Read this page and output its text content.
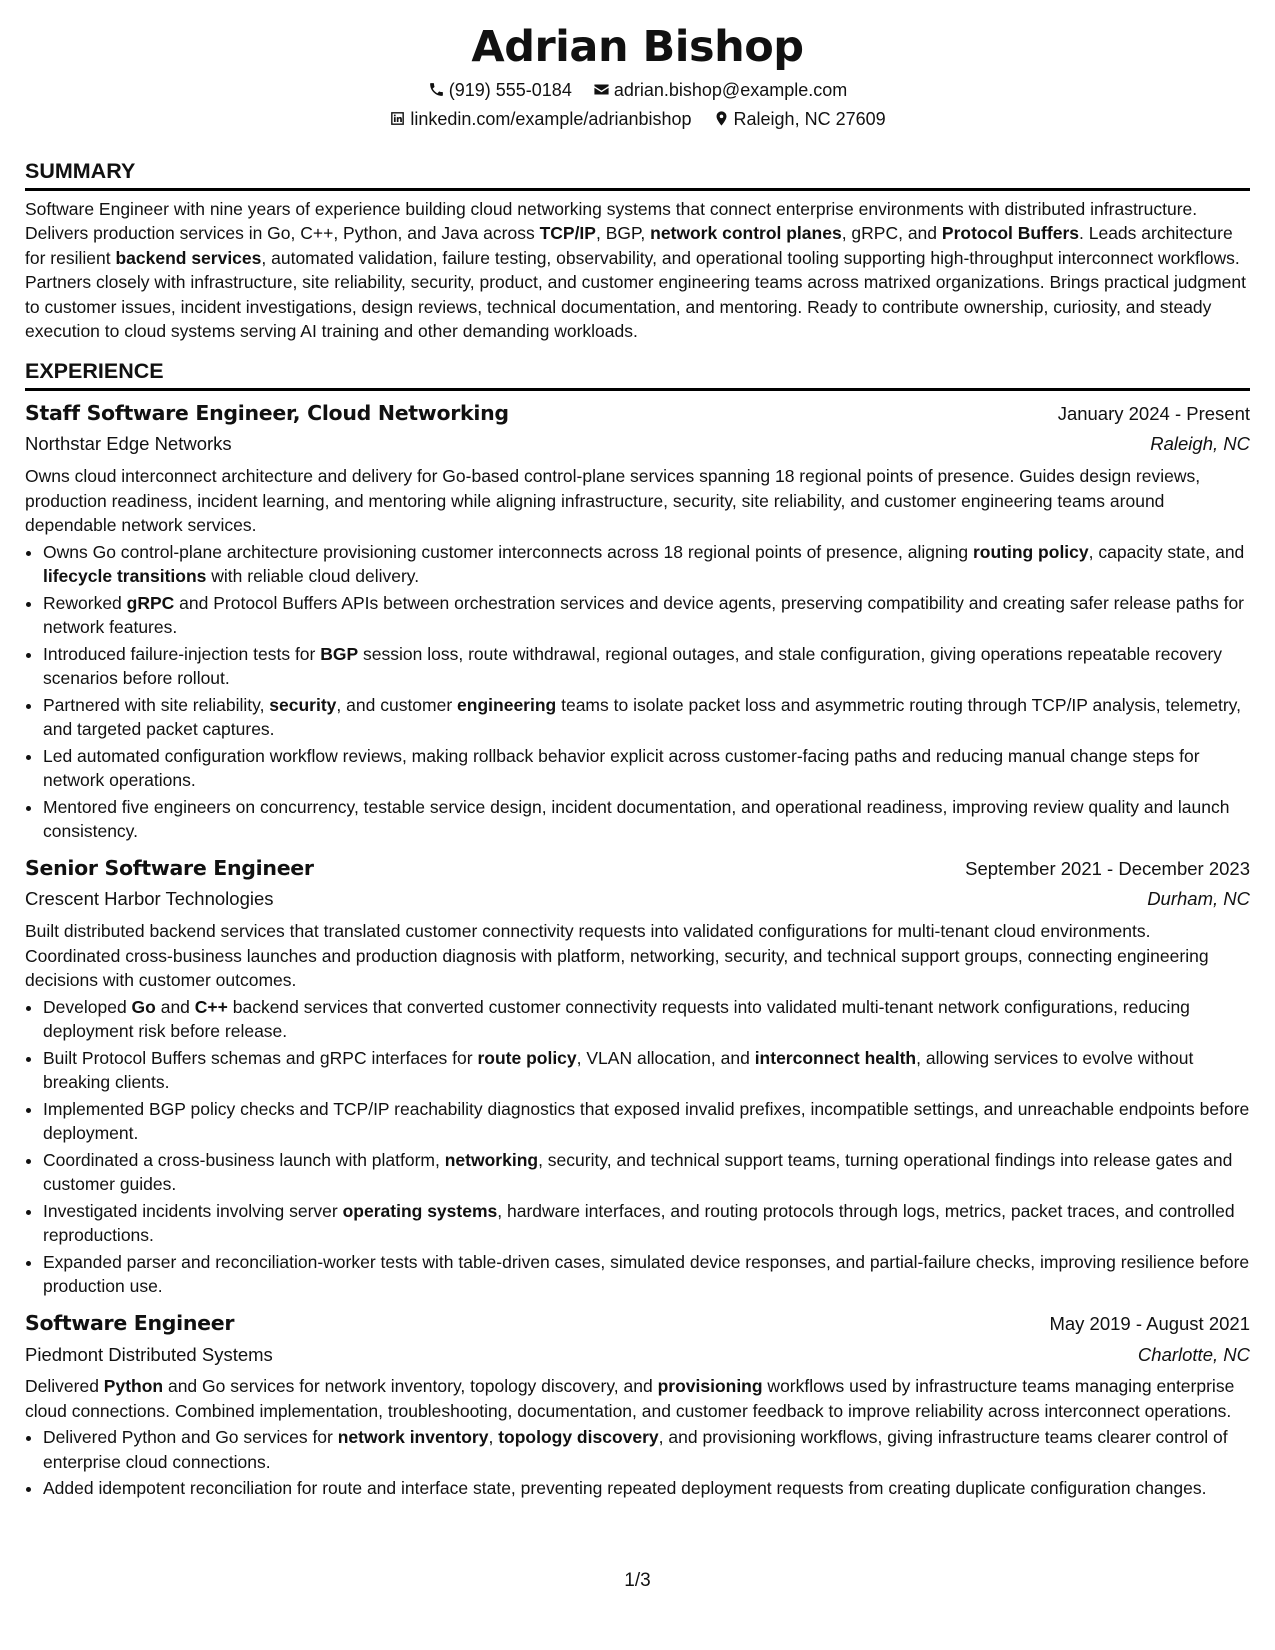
Adrian Bishop
(919) 555-0184 adrian.bishop@example.com
linkedin.com/example/adrianbishop Raleigh, NC 27609
SUMMARY
Software Engineer with nine years of experience building cloud networking systems that connect enterprise environments with distributed infrastructure. Delivers production services in Go, C++, Python, and Java across TCP/IP, BGP, network control planes, gRPC, and Protocol Buffers. Leads architecture for resilient backend services, automated validation, failure testing, observability, and operational tooling supporting high-throughput interconnect workflows. Partners closely with infrastructure, site reliability, security, product, and customer engineering teams across matrixed organizations. Brings practical judgment to customer issues, incident investigations, design reviews, technical documentation, and mentoring. Ready to contribute ownership, curiosity, and steady execution to cloud systems serving AI training and other demanding workloads.
EXPERIENCE
Staff Software Engineer, Cloud Networking	January 2024 - Present
Northstar Edge Networks	Raleigh, NC
Owns cloud interconnect architecture and delivery for Go-based control-plane services spanning 18 regional points of presence. Guides design reviews, production readiness, incident learning, and mentoring while aligning infrastructure, security, site reliability, and customer engineering teams around dependable network services.
• Owns Go control-plane architecture provisioning customer interconnects across 18 regional points of presence, aligning routing policy, capacity state, and lifecycle transitions with reliable cloud delivery.
• Reworked gRPC and Protocol Buffers APIs between orchestration services and device agents, preserving compatibility and creating safer release paths for network features.
• Introduced failure-injection tests for BGP session loss, route withdrawal, regional outages, and stale configuration, giving operations repeatable recovery scenarios before rollout.
• Partnered with site reliability, security, and customer engineering teams to isolate packet loss and asymmetric routing through TCP/IP analysis, telemetry, and targeted packet captures.
• Led automated configuration workflow reviews, making rollback behavior explicit across customer-facing paths and reducing manual change steps for network operations.
• Mentored five engineers on concurrency, testable service design, incident documentation, and operational readiness, improving review quality and launch consistency.
Senior Software Engineer	September 2021 - December 2023
Crescent Harbor Technologies	Durham, NC
Built distributed backend services that translated customer connectivity requests into validated configurations for multi-tenant cloud environments. Coordinated cross-business launches and production diagnosis with platform, networking, security, and technical support groups, connecting engineering decisions with customer outcomes.
• Developed Go and C++ backend services that converted customer connectivity requests into validated multi-tenant network configurations, reducing deployment risk before release.
• Built Protocol Buffers schemas and gRPC interfaces for route policy, VLAN allocation, and interconnect health, allowing services to evolve without breaking clients.
• Implemented BGP policy checks and TCP/IP reachability diagnostics that exposed invalid prefixes, incompatible settings, and unreachable endpoints before deployment.
• Coordinated a cross-business launch with platform, networking, security, and technical support teams, turning operational findings into release gates and customer guides.
• Investigated incidents involving server operating systems, hardware interfaces, and routing protocols through logs, metrics, packet traces, and controlled reproductions.
• Expanded parser and reconciliation-worker tests with table-driven cases, simulated device responses, and partial-failure checks, improving resilience before production use.
Software Engineer	May 2019 - August 2021
Piedmont Distributed Systems	Charlotte, NC
Delivered Python and Go services for network inventory, topology discovery, and provisioning workflows used by infrastructure teams managing enterprise cloud connections. Combined implementation, troubleshooting, documentation, and customer feedback to improve reliability across interconnect operations.
• Delivered Python and Go services for network inventory, topology discovery, and provisioning workflows, giving infrastructure teams clearer control of enterprise cloud connections.
• Added idempotent reconciliation for route and interface state, preventing repeated deployment requests from creating duplicate configuration changes.
1/3
